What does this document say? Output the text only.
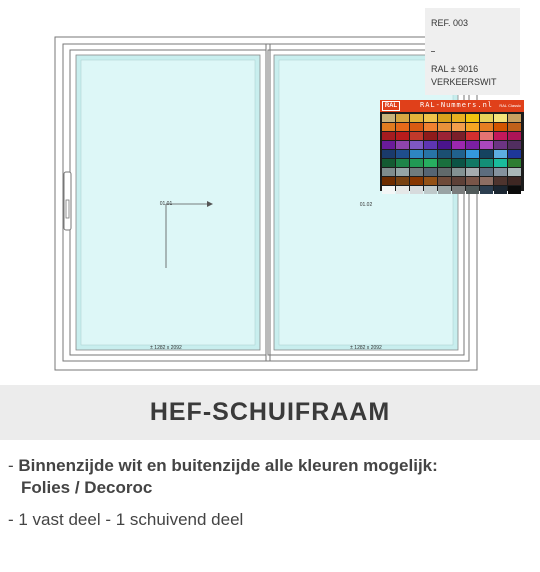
01.01	01.02
± 1282 x 2092	± 1282 x 2092
REF. 003
RAL ± 9016
VERKEERSWIT
RAL	RAL-Nummers.nl RAL Classic
HEF-SCHUIFRAAM
- Binnenzijde wit en buitenzijde alle kleuren mogelijk:
Folies / Decoroc
- 1 vast deel - 1 schuivend deel
